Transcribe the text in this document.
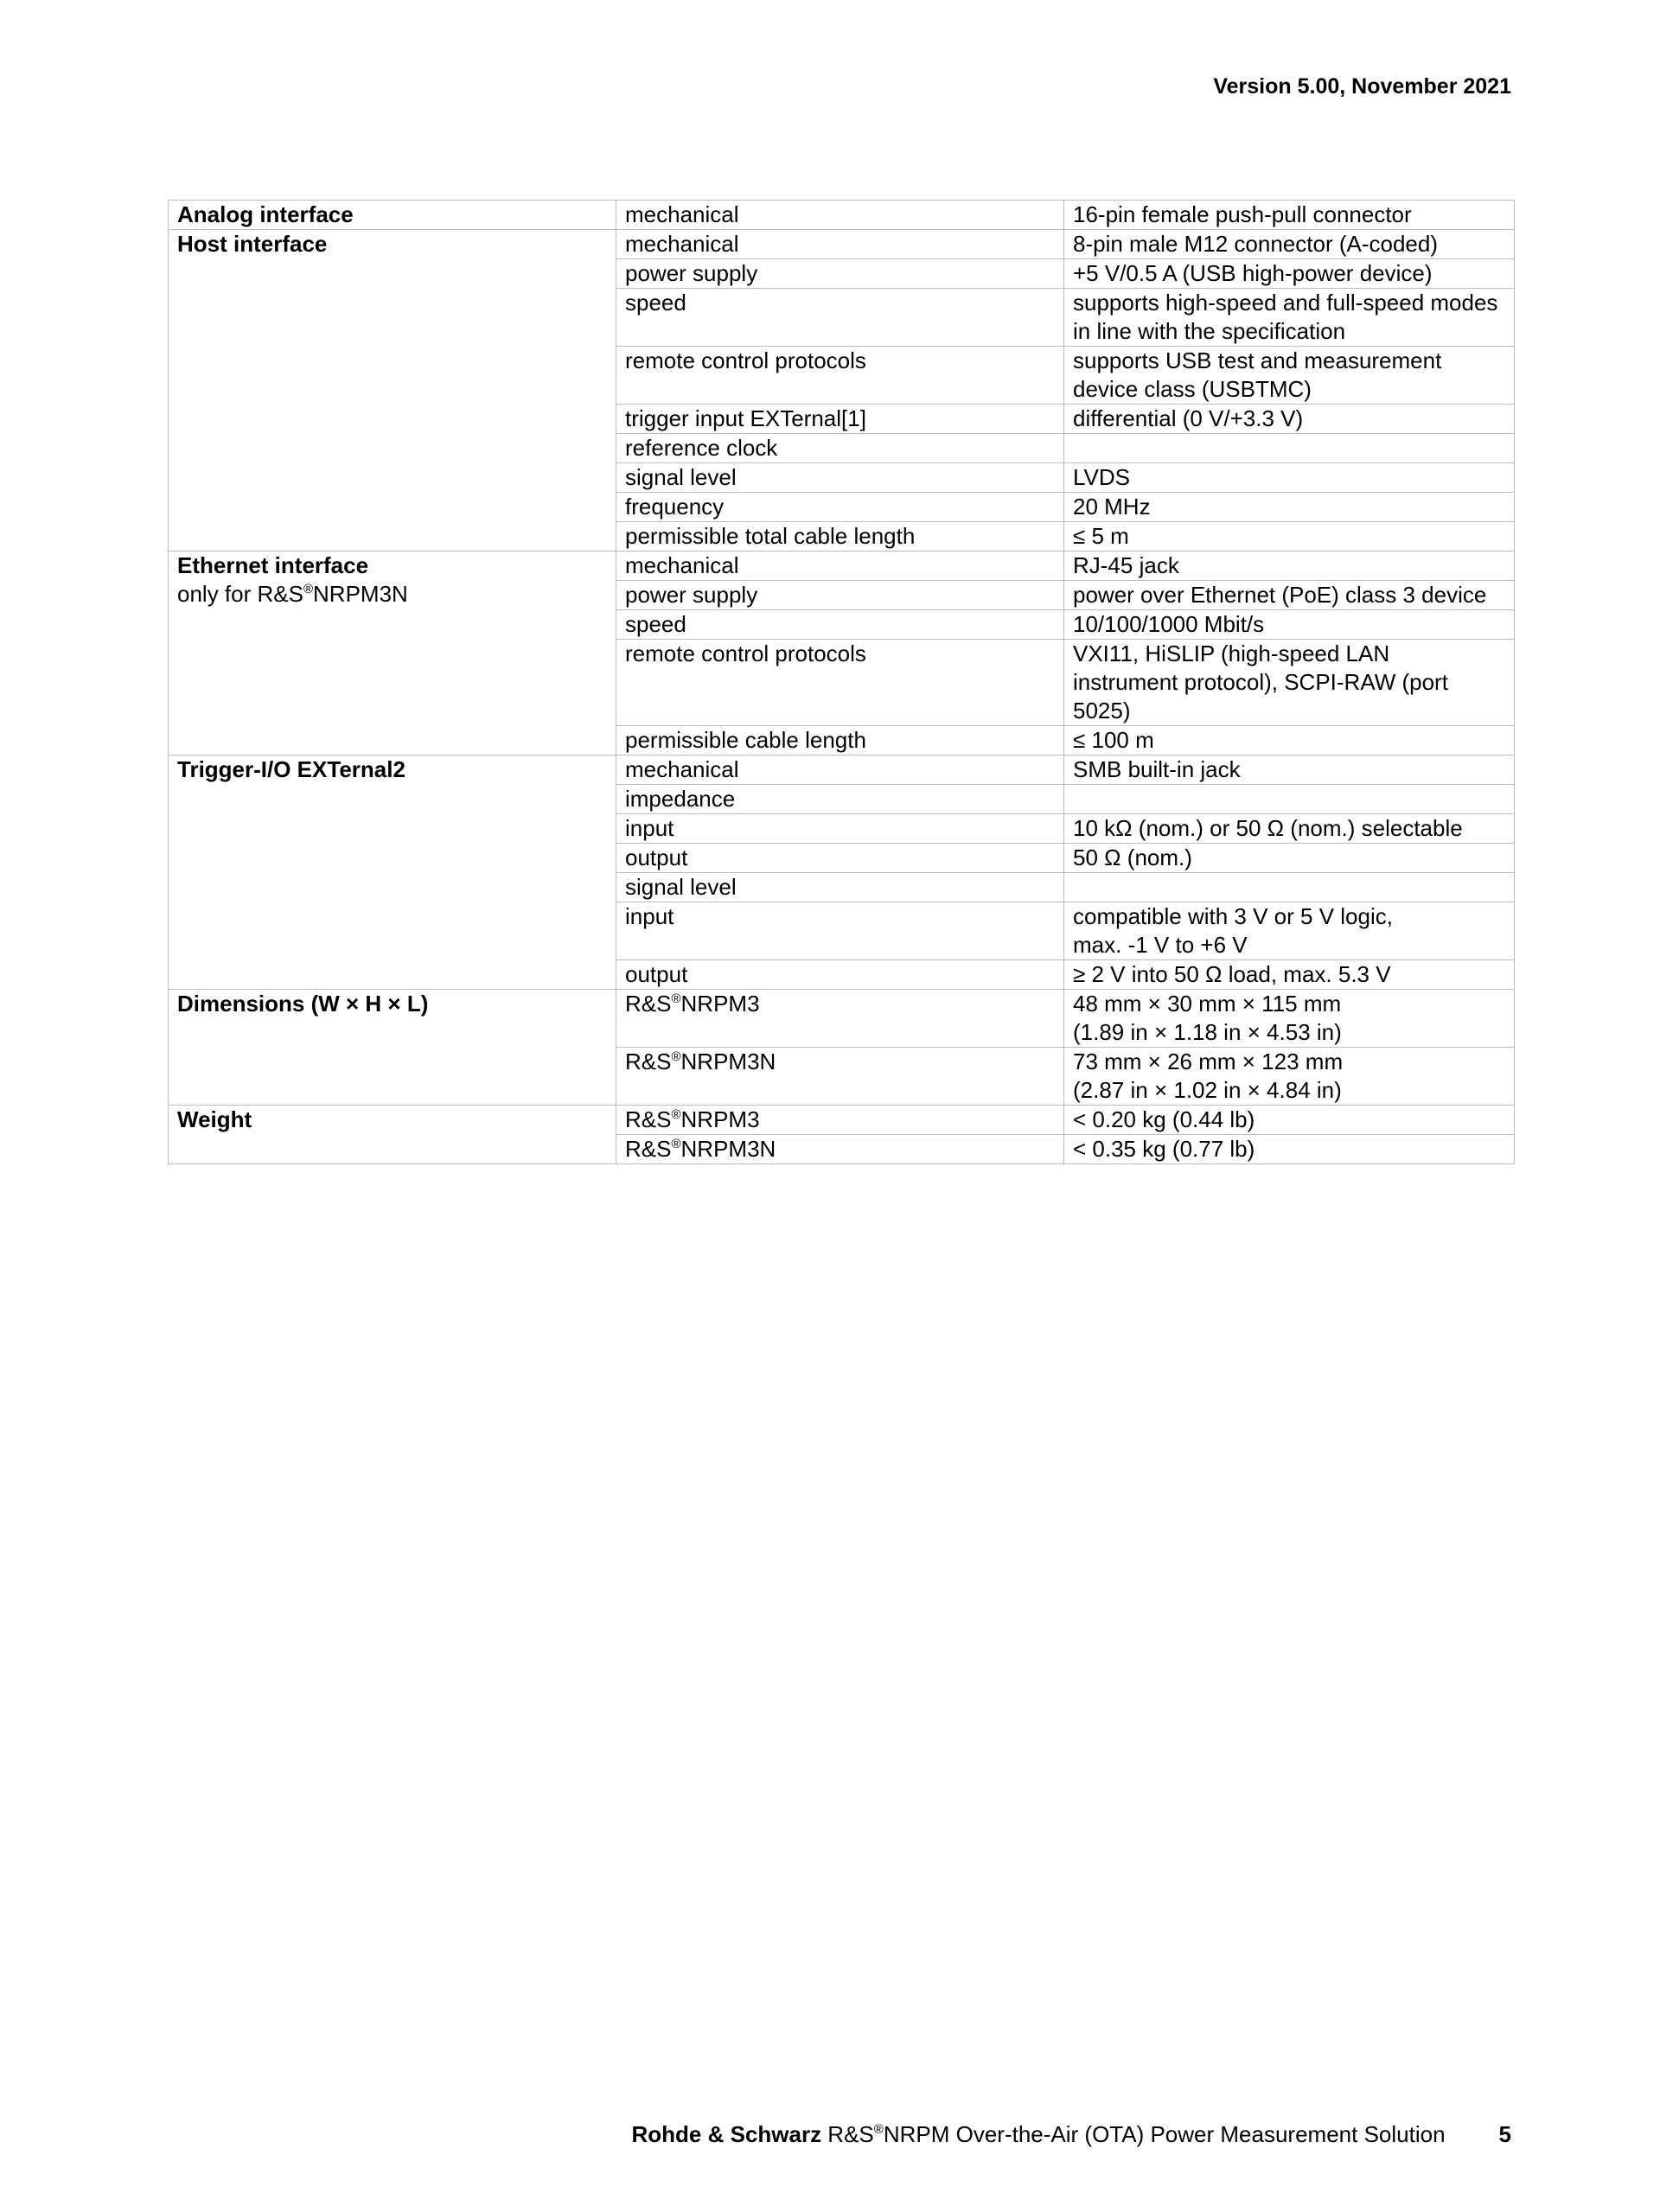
Version 5.00, November 2021
Analog interface	mechanical	16-pin female push-pull connector

Host interface	mechanical	8-pin male M12 connector (A-coded)
	power supply	+5 V/0.5 A (USB high-power device)
	speed	supports high-speed and full-speed modes
in line with the specification
	remote control protocols	supports USB test and measurement
device class (USBTMC)
	trigger input EXTernal[1]	differential (0 V/+3.3 V)
	reference clock	
	signal level	LVDS
	frequency	20 MHz
	permissible total cable length	≤ 5 m

Ethernet interface
only for R&S®NRPM3N	mechanical	RJ-45 jack
	power supply	power over Ethernet (PoE) class 3 device
	speed	10/100/1000 Mbit/s
	remote control protocols	VXI11, HiSLIP (high-speed LAN
instrument protocol), SCPI-RAW (port
5025)
	permissible cable length	≤ 100 m

Trigger-I/O EXTernal2	mechanical	SMB built-in jack
	impedance	
	input	10 kΩ (nom.) or 50 Ω (nom.) selectable
	output	50 Ω (nom.)
	signal level	
	input	compatible with 3 V or 5 V logic,
max. -1 V to +6 V
	output	≥ 2 V into 50 Ω load, max. 5.3 V

Dimensions (W × H × L)	R&S®NRPM3	48 mm × 30 mm × 115 mm
(1.89 in × 1.18 in × 4.53 in)
	R&S®NRPM3N	73 mm × 26 mm × 123 mm
(2.87 in × 1.02 in × 4.84 in)

Weight	R&S®NRPM3	< 0.20 kg (0.44 lb)
	R&S®NRPM3N	< 0.35 kg (0.77 lb)
Rohde & Schwarz R&S®NRPM Over-the-Air (OTA) Power Measurement Solution 5
